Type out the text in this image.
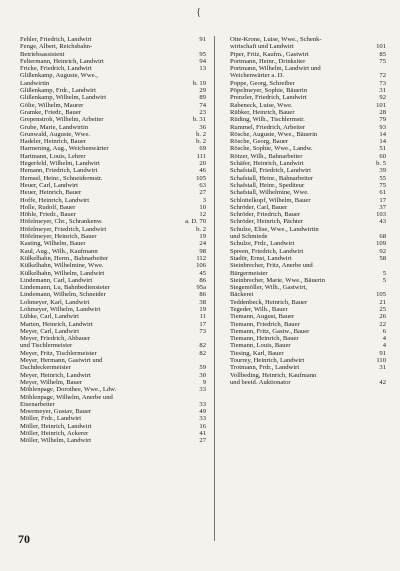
{
Fehler, Friedrich, Landwirt	91
Fenge, Albert, Reichsbahn-
Betriebsassistent	95
Feltermann, Heinrich, Landwirt	94
Fricke, Friedrich, Landwirt	13
Glißenkamp, Auguste, Wwe.,
Landwirtin	b. 19
Glißenkamp, Frdr., Landwirt	29
Glißenkamp, Wilhelm, Landwirt	89
Gölte, Wilhelm, Maurer	74
Gramke, Friedr., Bauer	23
Grepenstroh, Wilhelm, Arbeiter	b. 31
Grube, Marie, Landwirtin	36
Grunwald, Auguste, Wwe.	b. 2
Hadeler, Heinrich, Bauer	b. 2
Harmening, Aug., Weichenwärter	69
Hartmann, Louis, Lehrer	111
Hegerfeld, Wilhelm, Landwirt	20
Hemann, Friedrich, Landwirt	46
Hemsel, Heinr., Schneidermstr.	105
Heuer, Carl, Landwirt	63
Heuer, Heinrich, Bauer	27
Hoffe, Heinrich, Landwirt	3
Holle, Rudolf, Bauer	10
Höhle, Friedr., Bauer	12
Höfelmeyer, Chr., Schrankenw.	a. D. 70
Höfelmeyer, Friedrich, Landwirt	b. 2
Höfelmeyer, Heinrich, Bauer	19
Kasting, Wilhelm, Bauer	24
Kaul, Aug., Wilh., Kaufmann	98
Külkelhahn, Herm., Bahnarbeiter	112
Külkelhahn, Wilhelmine, Wwe.	106
Külkelhahn, Wilhelm, Landwirt	45
Lindemann, Carl, Landwirt	86
Lindemann, Lu, Bahnbediensteter	95a
Lindemann, Wilhelm, Schneider	86
Lohmeyer, Karl, Landwirt	38
Lohmeyer, Wilhelm, Landwirt	19
Lübke, Carl, Landwirt	11
Marten, Heinrich, Landwirt	17
Meyer, Carl, Landwirt	73
Meyer, Friedrich, Abbauer
und Tischlermeister	82
Meyer, Fritz, Tischlermeister	82
Meyer, Hermann, Gastwirt und
Dachdeckermeister	59
Meyer, Heinrich, Landwirt	30
Meyer, Wilhelm, Bauer	9
Möhlenpage, Dorothee, Wwe., Ldw.	33
Möhlenpage, Wilhelm, Anerbe und
Eisenarbeiter	33
Moermeyer, Gustav, Bauer	49
Möller, Frdr., Landwirt	33
Möller, Heinrich, Landwirt	16
Möller, Heinrich, Ackerer	41
Möller, Wilhelm, Landwirt	27
Otte-Krone, Luise, Wwe., Schenk-
wirtschaft und Landwirt	101
Piper, Fritz, Kaufm., Gastwirt	85
Portmann, Heinr., Drinksiter	75
Portmann, Wilhelm, Landwirt und
Weichenwärter a. D.	72
Poppe, Georg, Schreiber	73
Pöpelmeyer, Sophie, Bäuerin	31
Prenzler, Friedrich, Landwirt	92
Rabeneck, Luise, Wwe.	101
Rübker, Heinrich, Bauer	28
Rüding, Wilh., Tischlermstr.	79
Rummel, Friedrich, Arbeiter	93
Rösche, Auguste, Wwe., Bäuerin	14
Rösche, Georg, Bauer	14
Rösche, Sophie, Wwe., Landw.	51
Rötzer, Wilh., Bahnarbeiter	60
Schäfer, Heinrich, Landwirt	b. 5
Schafstall, Friedrich, Landwirt	39
Schafstall, Heinr., Bahnarbeiter	55
Schafstall, Heinr., Spediteur	75
Schafstall, Wilhelmine, Wwe.	61
Schlottelkopf, Wilhelm, Bauer	17
Schröder, Carl, Bauer	37
Schröder, Friedrich, Bauer	103
Schröder, Heinrich, Pächter	43
Schulze, Elise, Wwe., Landwirtin
und Schmiede	68
Schulze, Frdr., Landwirt	109
Spreen, Friedrich, Landwirt	92
Stadör, Ernst, Landwirt	58
Steinbrecher, Fritz, Anerbe und
Bürgermeister	5
Steinbrecher, Marie, Wwe., Bäuerin	5
Stegemöller, Wilh., Gastwirt,
Bäckerei	105
Teddenbeck, Heinrich, Bauer	21
Tegeder, Wilh., Bauer	25
Tiemann, August, Bauer	26
Tiemann, Friedrich, Bauer	22
Tiemann, Fritz, Gastw., Bauer	6
Tiemann, Heinrich, Bauer	4
Tiemann, Louis, Bauer	4
Tiesing, Karl, Bauer	91
Tourrey, Heinrich, Landwirt	110
Trotmann, Frdr., Landwirt	31
Vollbeding, Heinrich, Kaufmann
und beeid. Auktionator	42
70
